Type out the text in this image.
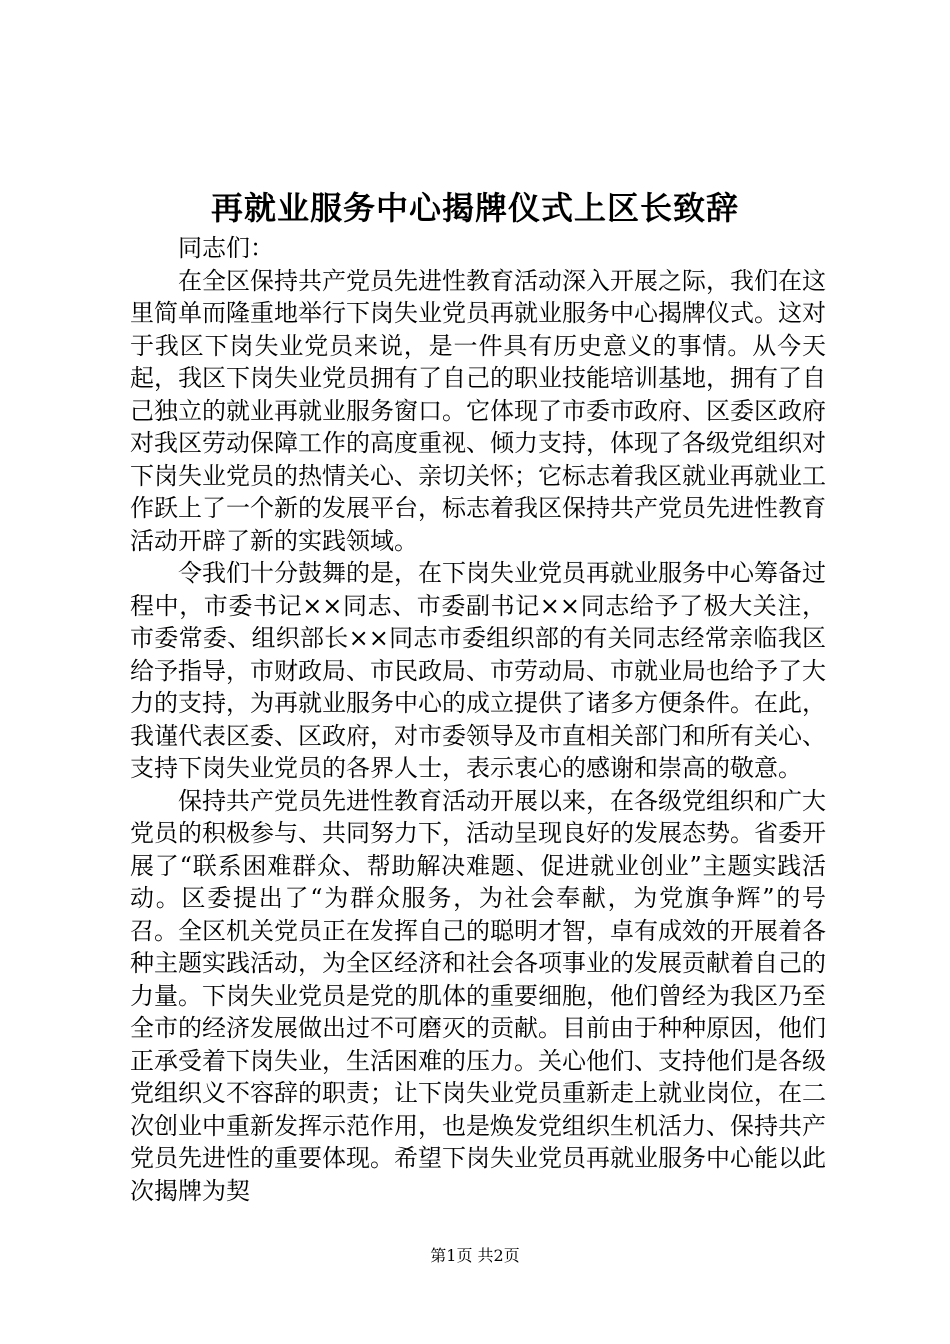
再就业服务中心揭牌仪式上区长致辞

同志们：

在全区保持共产党员先进性教育活动深入开展之际，我们在这里简单而隆重地举行下岗失业党员再就业服务中心揭牌仪式。这对于我区下岗失业党员来说，是一件具有历史意义的事情。从今天起，我区下岗失业党员拥有了自己的职业技能培训基地，拥有了自己独立的就业再就业服务窗口。它体现了市委市政府、区委区政府对我区劳动保障工作的高度重视、倾力支持，体现了各级党组织对下岗失业党员的热情关心、亲切关怀；它标志着我区就业再就业工作跃上了一个新的发展平台，标志着我区保持共产党员先进性教育活动开辟了新的实践领域。

令我们十分鼓舞的是，在下岗失业党员再就业服务中心筹备过程中，市委书记××同志、市委副书记××同志给予了极大关注，市委常委、组织部长××同志市委组织部的有关同志经常亲临我区给予指导，市财政局、市民政局、市劳动局、市就业局也给予了大力的支持，为再就业服务中心的成立提供了诸多方便条件。在此，我谨代表区委、区政府，对市委领导及市直相关部门和所有关心、支持下岗失业党员的各界人士，表示衷心的感谢和崇高的敬意。

保持共产党员先进性教育活动开展以来，在各级党组织和广大党员的积极参与、共同努力下，活动呈现良好的发展态势。省委开展了“联系困难群众、帮助解决难题、促进就业创业”主题实践活动。区委提出了“为群众服务，为社会奉献，为党旗争辉”的号召。全区机关党员正在发挥自己的聪明才智，卓有成效的开展着各种主题实践活动，为全区经济和社会各项事业的发展贡献着自己的力量。下岗失业党员是党的肌体的重要细胞，他们曾经为我区乃至全市的经济发展做出过不可磨灭的贡献。目前由于种种原因，他们正承受着下岗失业，生活困难的压力。关心他们、支持他们是各级党组织义不容辞的职责；让下岗失业党员重新走上就业岗位，在二次创业中重新发挥示范作用，也是焕发党组织生机活力、保持共产党员先进性的重要体现。希望下岗失业党员再就业服务中心能以此次揭牌为契

第1页 共2页
